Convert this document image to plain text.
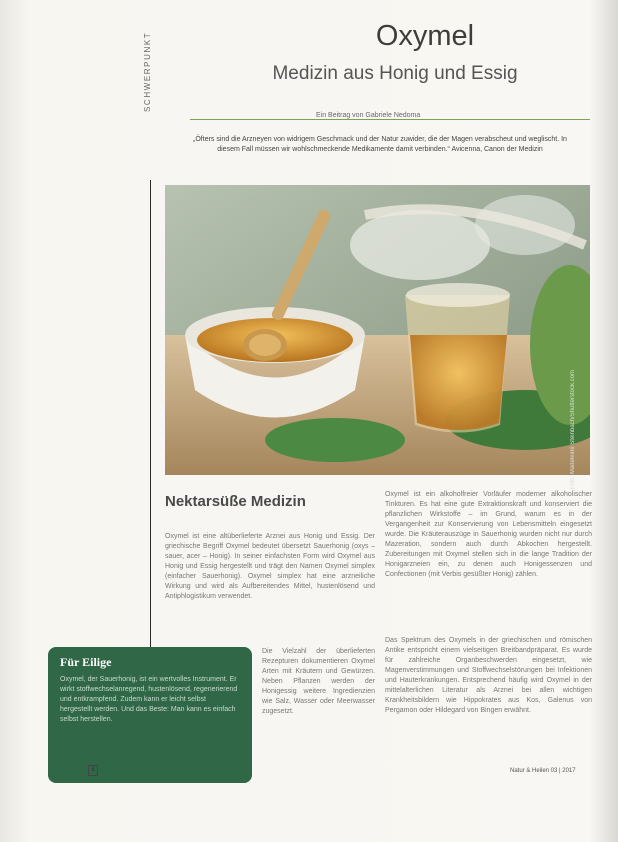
SCHWERPUNKT	Oxymel
Medizin aus Honig und Essig
Ein Beitrag von Gabriele Nedoma
„Öfters sind die Arzneyen von widrigem Geschmack und der Natur zuwider, die der Magen verabscheut und weglischt. In diesem Fall müssen wir wohlschmeckende Medikamente damit verbinden.“ Avicenna, Canon der Medizin
Foto: Madeleine Steinbach/Shutterstock.com
Nektarsüße Medizin
Oxymel ist eine altüberlieferte Arznei aus Honig und Essig. Der griechische Begriff Oxymel bedeutet übersetzt Sauerhonig (oxys – sauer, acer – Honig). In seiner einfachsten Form wird Oxymel aus Honig und Essig hergestellt und trägt den Namen Oxymel simplex (einfacher Sauerhonig). Oxymel simplex hat eine arzneiliche Wirkung und wird als Aufbereitendes Mittel, hustenlösend und Antiphlogistikum verwendet.
Oxymel ist ein alkoholfreier Vorläufer moderner alkoholischer Tinkturen. Es hat eine gute Extraktionskraft und konserviert die pflanzlichen Wirkstoffe – im Grund, warum es in der Vergangenheit zur Konservierung von Lebensmitteln eingesetzt wurde. Die Kräuterauszüge in Sauerhonig wurden nicht nur durch Mazeration, sondern auch durch Abkochen hergestellt. Zubereitungen mit Oxymel stellen sich in die lange Tradition der Honigarzneien ein, zu denen auch Honigessenzen und Confectionen (mit Verbis gesüßter Honig) zählen.
Das Spektrum des Oxymels in der griechischen und römischen Antike entspricht einem vielseitigen Breitbandpräparat. Es wurde für zahlreiche Organbeschwerden eingesetzt, wie Magenverstimmungen und Stoffwechselstörungen bei Infektionen und Hauterkrankungen. Entsprechend häufig wird Oxymel in der mittelalterlichen Literatur als Arznei bei allen wichtigen Krankheitsbildern wie Hippokrates aus Kos, Galenus von Pergamon oder Hildegard von Bingen erwähnt.
Die Vielzahl der überlieferten Rezepturen dokumentieren Oxymel Arten mit Kräutern und Gewürzen. Neben Pflanzen werden der Honigessig weitere Ingredienzien wie Salz, Wasser oder Meerwasser zugesetzt.
Für Eilige
Oxymel, der Sauerhonig, ist ein wertvolles Instrument. Er wirkt stoffwechselanregend, hustenlösend, regenerierend und entkrampfend. Zudem kann er leicht selbst hergestellt werden. Und das Beste: Man kann es einfach selbst herstellen.
6	Natur & Heilen 03 | 2017
